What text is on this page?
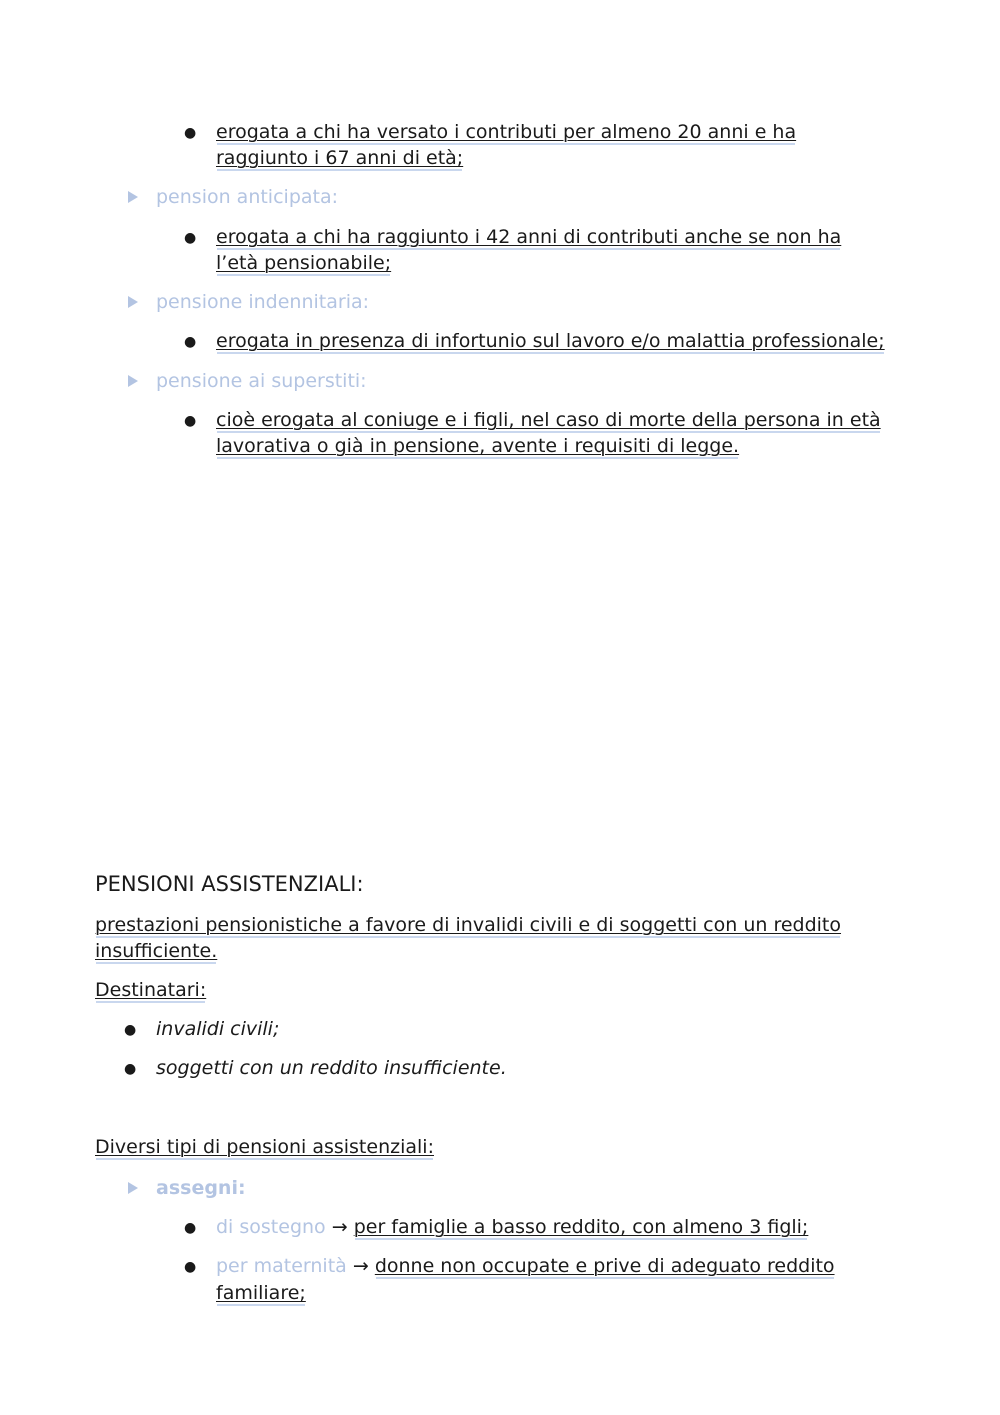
● erogata a chi ha versato i contributi per almeno 20 anni e ha
raggiunto i 67 anni di età;
pension anticipata:
● erogata a chi ha raggiunto i 42 anni di contributi anche se non ha
l’età pensionabile;
pensione indennitaria:
● erogata in presenza di infortunio sul lavoro e/o malattia professionale;
pensione ai superstiti:
● cioè erogata al coniuge e i figli, nel caso di morte della persona in età
lavorativa o già in pensione, avente i requisiti di legge.
PENSIONI ASSISTENZIALI:
prestazioni pensionistiche a favore di invalidi civili e di soggetti con un reddito
insufficiente.
Destinatari:
● invalidi civili;
● soggetti con un reddito insufficiente.
Diversi tipi di pensioni assistenziali:
assegni:
● di sostegno → per famiglie a basso reddito, con almeno 3 figli;
● per maternità → donne non occupate e prive di adeguato reddito
familiare;
